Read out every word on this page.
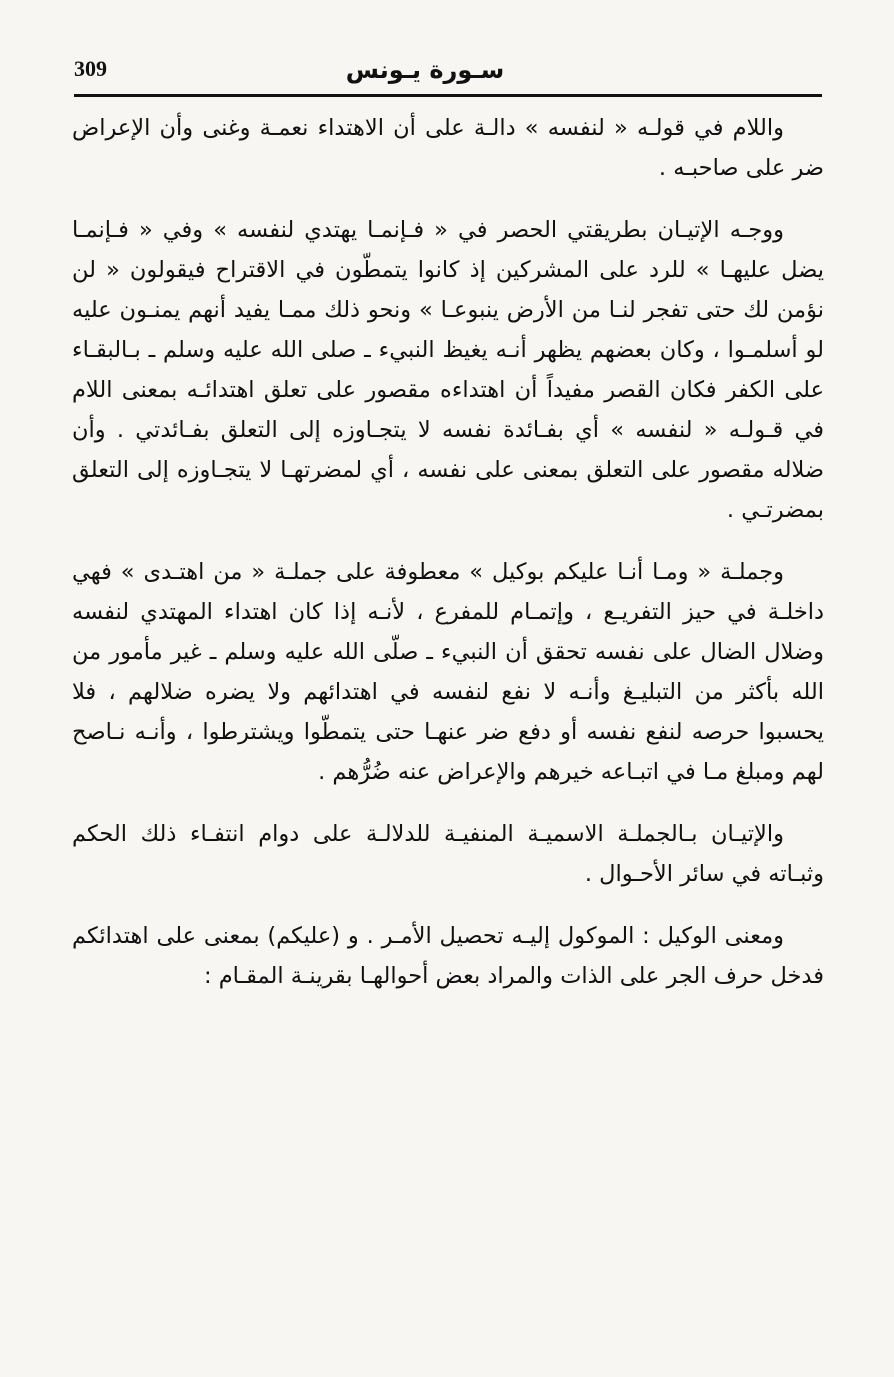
309	سـورة يـونس

واللام في قولـه « لنفسه » دالـة على أن الاهتداء نعمـة وغنى وأن الإعراض ضر على صاحبـه .

ووجـه الإتيـان بطريقتي الحصر في « فـإنمـا يهتدي لنفسه » وفي « فـإنمـا يضل عليهـا » للرد على المشركين إذ كانوا يتمطّون في الاقتراح فيقولون « لن نؤمن لك حتى تفجر لنـا من الأرض ينبوعـا » ونحو ذلك ممـا يفيد أنهم يمنـون عليه لو أسلمـوا ، وكان بعضهم يظهر أنـه يغيظ النبيء ـ صلى الله عليه وسلم ـ بـالبقـاء على الكفر فكان القصر مفيداً أن اهتداءه مقصور على تعلق اهتدائـه بمعنى اللام في قـولـه « لنفسه » أي بفـائدة نفسه لا يتجـاوزه إلى التعلق بفـائدتي . وأن ضلاله مقصور على التعلق بمعنى على نفسه ، أي لمضرتهـا لا يتجـاوزه إلى التعلق بمضرتـي .

وجملـة « ومـا أنـا عليكم بوكيل » معطوفة على جملـة « من اهتـدى » فهي داخلـة في حيز التفريـع ، وإتمـام للمفرع ، لأنـه إذا كان اهتداء المهتدي لنفسه وضلال الضال على نفسه تحقق أن النبيء ـ صلّى الله عليه وسلم ـ غير مأمور من الله بأكثر من التبليـغ وأنـه لا نفع لنفسه في اهتدائهم ولا يضره ضلالهم ، فلا يحسبوا حرصه لنفع نفسه أو دفع ضر عنهـا حتى يتمطّوا ويشترطوا ، وأنـه نـاصح لهم ومبلغ مـا في اتبـاعه خيرهم والإعراض عنه ضُرُّهم .

والإتيـان بـالجملـة الاسميـة المنفيـة للدلالـة على دوام انتفـاء ذلك الحكم وثبـاته في سائر الأحـوال .

ومعنى الوكيل : الموكول إليـه تحصيل الأمـر . و (عليكم) بمعنى على اهتدائكم فدخل حرف الجر على الذات والمراد بعض أحوالهـا بقرينـة المقـام :
